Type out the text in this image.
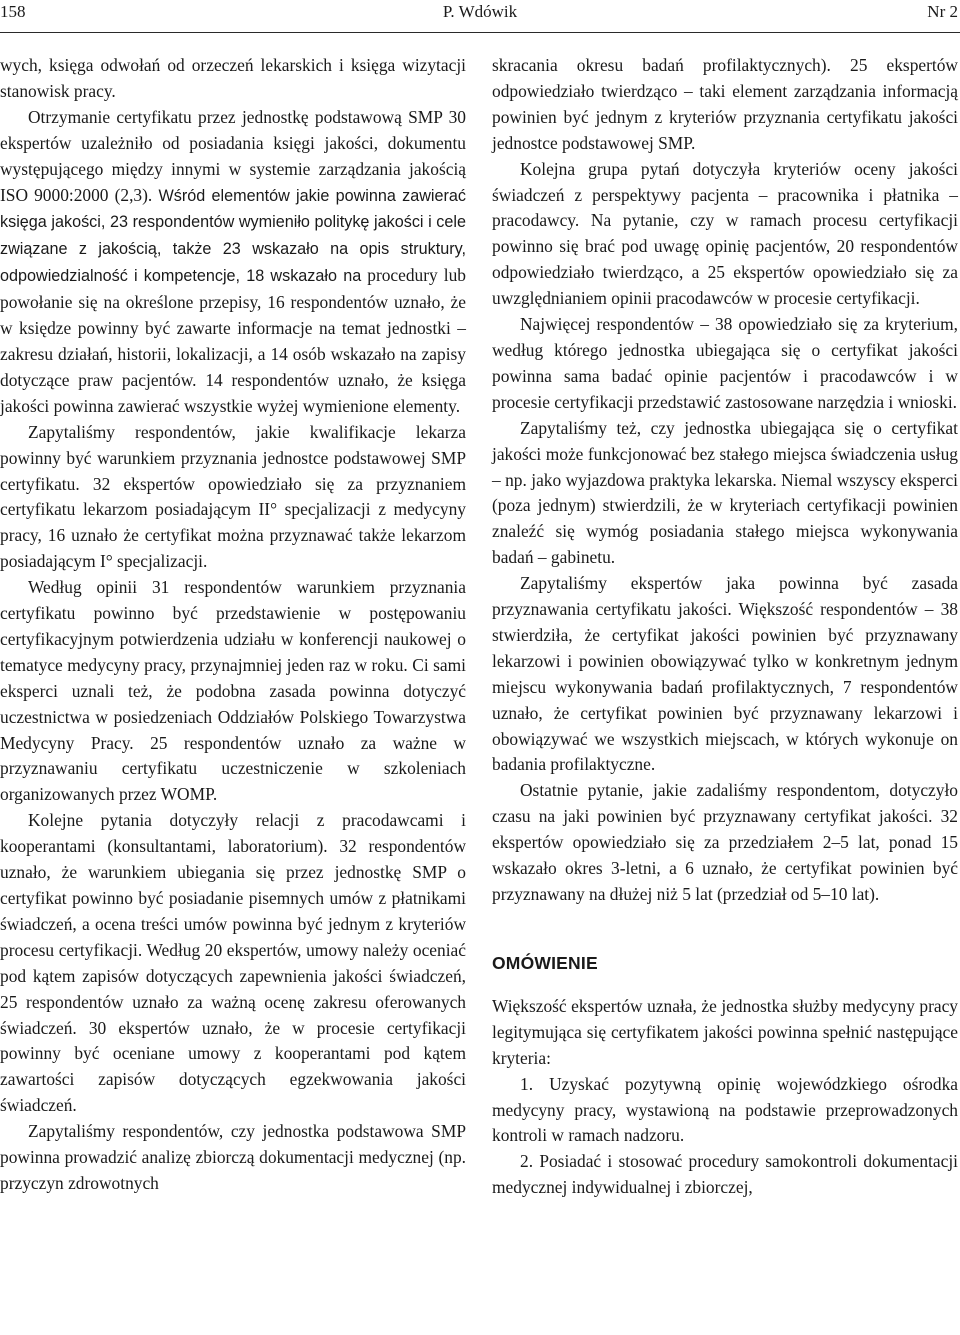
158	P. Wdówik	Nr 2

wych, księga odwołań od orzeczeń lekarskich i księga wizytacji stanowisk pracy.

Otrzymanie certyfikatu przez jednostkę podstawową SMP 30 ekspertów uzależniło od posiadania księgi jakości, dokumentu występującego między innymi w systemie zarządzania jakością ISO 9000:2000 (2,3). Wśród elementów jakie powinna zawierać księga jakości, 23 respondentów wymieniło politykę jakości i cele związane z jakością, także 23 wskazało na opis struktury, odpowiedzialność i kompetencje, 18 wskazało na procedury lub powołanie się na określone przepisy, 16 respondentów uznało, że w księdze powinny być zawarte informacje na temat jednostki – zakresu działań, historii, lokalizacji, a 14 osób wskazało na zapisy dotyczące praw pacjentów. 14 respondentów uznało, że księga jakości powinna zawierać wszystkie wyżej wymienione elementy.

Zapytaliśmy respondentów, jakie kwalifikacje lekarza powinny być warunkiem przyznania jednostce podstawowej SMP certyfikatu. 32 ekspertów opowiedziało się za przyznaniem certyfikatu lekarzom posiadającym II° specjalizacji z medycyny pracy, 16 uznało że certyfikat można przyznawać także lekarzom posiadającym I° specjalizacji.

Według opinii 31 respondentów warunkiem przyznania certyfikatu powinno być przedstawienie w postępowaniu certyfikacyjnym potwierdzenia udziału w konferencji naukowej o tematyce medycyny pracy, przynajmniej jeden raz w roku. Ci sami eksperci uznali też, że podobna zasada powinna dotyczyć uczestnictwa w posiedzeniach Oddziałów Polskiego Towarzystwa Medycyny Pracy. 25 respondentów uznało za ważne w przyznawaniu certyfikatu uczestniczenie w szkoleniach organizowanych przez WOMP.

Kolejne pytania dotyczyły relacji z pracodawcami i kooperantami (konsultantami, laboratorium). 32 respondentów uznało, że warunkiem ubiegania się przez jednostkę SMP o certyfikat powinno być posiadanie pisemnych umów z płatnikami świadczeń, a ocena treści umów powinna być jednym z kryteriów procesu certyfikacji. Według 20 ekspertów, umowy należy oceniać pod kątem zapisów dotyczących zapewnienia jakości świadczeń, 25 respondentów uznało za ważną ocenę zakresu oferowanych świadczeń. 30 ekspertów uznało, że w procesie certyfikacji powinny być oceniane umowy z kooperantami pod kątem zawartości zapisów dotyczących egzekwowania jakości świadczeń.

Zapytaliśmy respondentów, czy jednostka podstawowa SMP powinna prowadzić analizę zbiorczą dokumentacji medycznej (np. przyczyn zdrowotnych

skracania okresu badań profilaktycznych). 25 ekspertów odpowiedziało twierdząco – taki element zarządzania informacją powinien być jednym z kryteriów przyznania certyfikatu jakości jednostce podstawowej SMP.

Kolejna grupa pytań dotyczyła kryteriów oceny jakości świadczeń z perspektywy pacjenta – pracownika i płatnika – pracodawcy. Na pytanie, czy w ramach procesu certyfikacji powinno się brać pod uwagę opinię pacjentów, 20 respondentów odpowiedziało twierdząco, a 25 ekspertów opowiedziało się za uwzględnianiem opinii pracodawców w procesie certyfikacji.

Najwięcej respondentów – 38 opowiedziało się za kryterium, według którego jednostka ubiegająca się o certyfikat jakości powinna sama badać opinie pacjentów i pracodawców i w procesie certyfikacji przedstawić zastosowane narzędzia i wnioski.

Zapytaliśmy też, czy jednostka ubiegająca się o certyfikat jakości może funkcjonować bez stałego miejsca świadczenia usług – np. jako wyjazdowa praktyka lekarska. Niemal wszyscy eksperci (poza jednym) stwierdzili, że w kryteriach certyfikacji powinien znaleźć się wymóg posiadania stałego miejsca wykonywania badań – gabinetu.

Zapytaliśmy ekspertów jaka powinna być zasada przyznawania certyfikatu jakości. Większość respondentów – 38 stwierdziła, że certyfikat jakości powinien być przyznawany lekarzowi i powinien obowiązywać tylko w konkretnym jednym miejscu wykonywania badań profilaktycznych, 7 respondentów uznało, że certyfikat powinien być przyznawany lekarzowi i obowiązywać we wszystkich miejscach, w których wykonuje on badania profilaktyczne.

Ostatnie pytanie, jakie zadaliśmy respondentom, dotyczyło czasu na jaki powinien być przyznawany certyfikat jakości. 32 ekspertów opowiedziało się za przedziałem 2–5 lat, ponad 15 wskazało okres 3-letni, a 6 uznało, że certyfikat powinien być przyznawany na dłużej niż 5 lat (przedział od 5–10 lat).

OMÓWIENIE

Większość ekspertów uznała, że jednostka służby medycyny pracy legitymująca się certyfikatem jakości powinna spełnić następujące kryteria:

1. Uzyskać pozytywną opinię wojewódzkiego ośrodka medycyny pracy, wystawioną na podstawie przeprowadzonych kontroli w ramach nadzoru.

2. Posiadać i stosować procedury samokontroli dokumentacji medycznej indywidualnej i zbiorczej,
